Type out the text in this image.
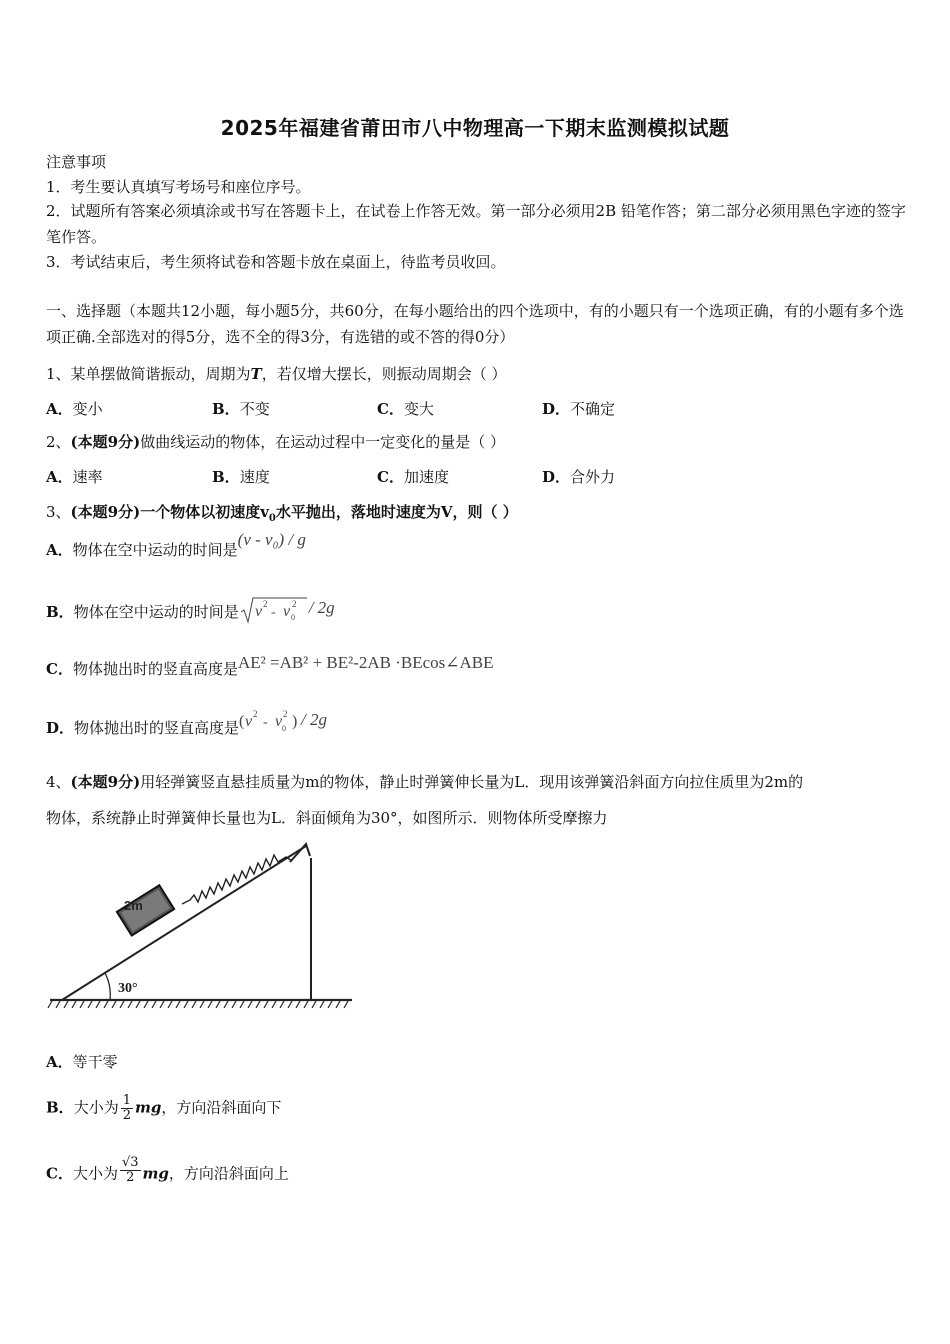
2025年福建省莆田市八中物理高一下期末监测模拟试题
注意事项
1．考生要认真填写考场号和座位序号。
2．试题所有答案必须填涂或书写在答题卡上，在试卷上作答无效。第一部分必须用2B 铅笔作答；第二部分必须用黑色字迹的签字笔作答。
3．考试结束后，考生须将试卷和答题卡放在桌面上，待监考员收回。
一、选择题（本题共12小题，每小题5分，共60分，在每小题给出的四个选项中，有的小题只有一个选项正确，有的小题有多个选项正确.全部选对的得5分，选不全的得3分，有选错的或不答的得0分）
1、某单摆做简谐振动，周期为T，若仅增大摆长，则振动周期会（ ）
A．变小	B．不变	C．变大	D．不确定
2、(本题9分)做曲线运动的物体，在运动过程中一定变化的量是（ ）
A．速率	B．速度	C．加速度	D．合外力
3、(本题9分)一个物体以初速度$v_0$水平抛出，落地时速度为V，则（ ）
A．物体在空中运动的时间是(v - v₀) / g
B．物体在空中运动的时间是 v 2
- v 2
0
/ 2g
C．物体抛出时的竖直高度是AE² =AB² + BE²-2AB ·BEcos∠ABE
D．物体抛出时的竖直高度是 ( v 2
- v 2
0 ) / 2g
4、(本题9分)用轻弹簧竖直悬挂质量为m的物体，静止时弹簧伸长量为L．现用该弹簧沿斜面方向拉住质里为2m的
物体，系统静止时弹簧伸长量也为L．斜面倾角为30°，如图所示．则物体所受摩擦力
30°
2m
A．等干零
B．大小为 $\frac{1}{2}$ mg，方向沿斜面向下
C．大小为 $\frac{√3}{2}$ mg，方向沿斜面向上
